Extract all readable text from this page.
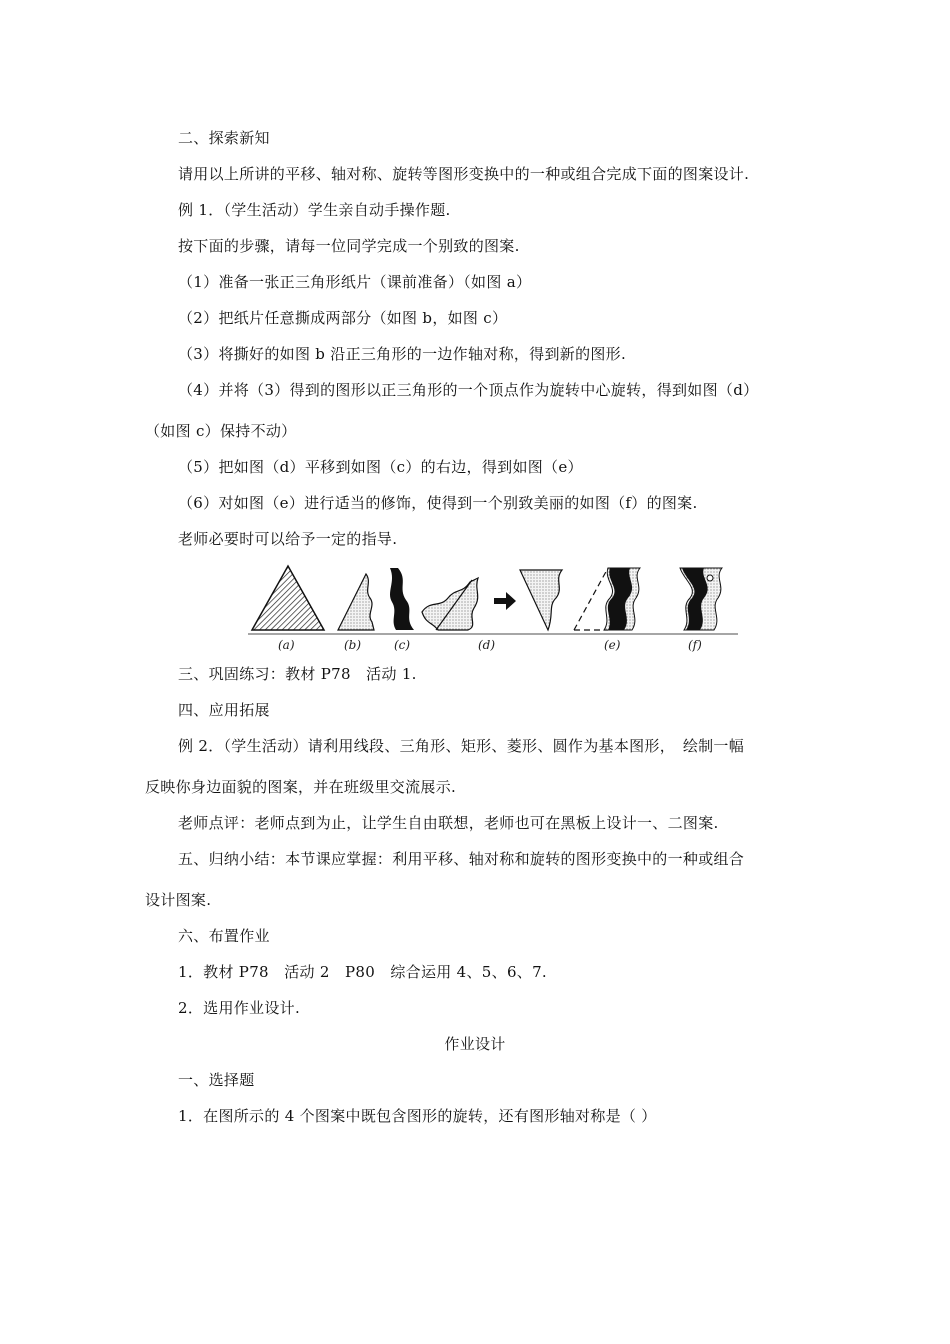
二、探索新知
请用以上所讲的平移、轴对称、旋转等图形变换中的一种或组合完成下面的图案设计.
例 1．（学生活动）学生亲自动手操作题.
按下面的步骤，请每一位同学完成一个别致的图案.
（1）准备一张正三角形纸片（课前准备）（如图 a）
（2）把纸片任意撕成两部分（如图 b，如图 c）
（3）将撕好的如图 b 沿正三角形的一边作轴对称，得到新的图形.
（4）并将（3）得到的图形以正三角形的一个顶点作为旋转中心旋转，得到如图（d）
（如图 c）保持不动）
（5）把如图（d）平移到如图（c）的右边，得到如图（e）
（6）对如图（e）进行适当的修饰，使得到一个别致美丽的如图（f）的图案.
老师必要时可以给予一定的指导.
(a)	(b)	(c)	(d)	(e)	(f)
三、巩固练习：教材 P78　活动 1.
四、应用拓展
例 2．（学生活动）请利用线段、三角形、矩形、菱形、圆作为基本图形，　绘制一幅
反映你身边面貌的图案，并在班级里交流展示.
老师点评：老师点到为止，让学生自由联想，老师也可在黑板上设计一、二图案.
五、归纳小结：本节课应掌握：利用平移、轴对称和旋转的图形变换中的一种或组合
设计图案.
六、布置作业
1．教材 P78　活动 2　P80　综合运用 4、5、6、7.
2．选用作业设计.
作业设计
一、选择题
1．在图所示的 4 个图案中既包含图形的旋转，还有图形轴对称是（ ）
